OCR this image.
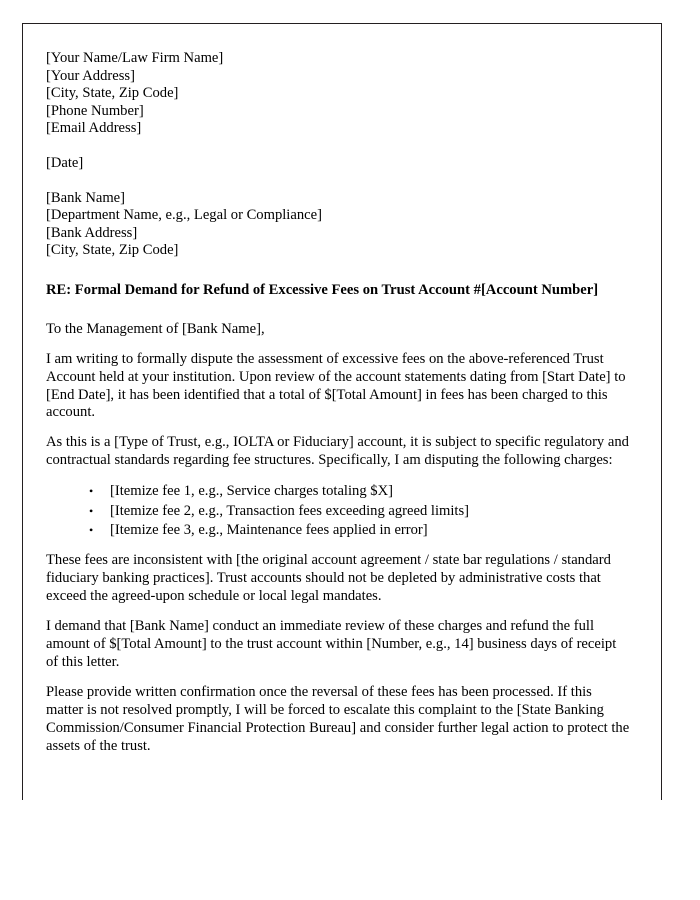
[Your Name/Law Firm Name]
[Your Address]
[City, State, Zip Code]
[Phone Number]
[Email Address]
[Date]
[Bank Name]
[Department Name, e.g., Legal or Compliance]
[Bank Address]
[City, State, Zip Code]

RE: Formal Demand for Refund of Excessive Fees on Trust Account #[Account Number]

To the Management of [Bank Name],

I am writing to formally dispute the assessment of excessive fees on the above-referenced Trust Account held at your institution. Upon review of the account statements dating from [Start Date] to [End Date], it has been identified that a total of $[Total Amount] in fees has been charged to this account.

As this is a [Type of Trust, e.g., IOLTA or Fiduciary] account, it is subject to specific regulatory and contractual standards regarding fee structures. Specifically, I am disputing the following charges:

• [Itemize fee 1, e.g., Service charges totaling $X]
• [Itemize fee 2, e.g., Transaction fees exceeding agreed limits]
• [Itemize fee 3, e.g., Maintenance fees applied in error]

These fees are inconsistent with [the original account agreement / state bar regulations / standard fiduciary banking practices]. Trust accounts should not be depleted by administrative costs that exceed the agreed-upon schedule or local legal mandates.

I demand that [Bank Name] conduct an immediate review of these charges and refund the full amount of $[Total Amount] to the trust account within [Number, e.g., 14] business days of receipt of this letter.

Please provide written confirmation once the reversal of these fees has been processed. If this matter is not resolved promptly, I will be forced to escalate this complaint to the [State Banking Commission/Consumer Financial Protection Bureau] and consider further legal action to protect the assets of the trust.
